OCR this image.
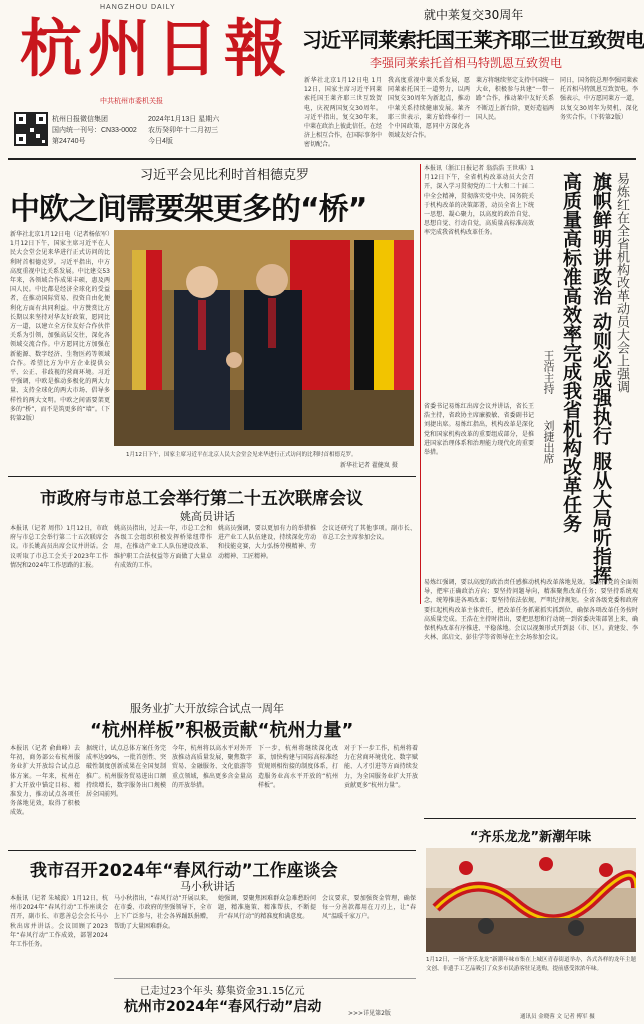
HANGZHOU DAILY
杭州日報
中共杭州市委机关报
杭州日报微信集团
国内统一刊号：CN33-0002
第24740号
2024年1月13日 星期六
农历癸卯年十二月初三
今日4版
就中莱复交30周年
习近平同莱索托国王莱齐耶三世互致贺电
李强同莱索托首相马特凯恩互致贺电
新华社北京1月12日电 1月12日，国家主席习近平同莱索托国王莱齐耶三世互致贺电，庆祝两国复交30周年。习近平指出，复交30年来，中莱在政治上彼此信任，在经济上相互合作，在国际事务中密切配合。
我高度重视中莱关系发展，愿同莱索托国王一道努力，以两国复交30周年为新起点，推动中莱关系持续健康发展。莱齐耶三世表示，莱方始终奉行一个中国政策，愿同中方深化各领域友好合作。
莱方将继续坚定支持中国统一大业，积极参与共建“一带一路”合作，推动莱中友好关系不断迈上新台阶，更好造福两国人民。
同日，国务院总理李强同莱索托首相马特凯恩互致贺电。李强表示，中方愿同莱方一道，以复交30周年为契机，深化务实合作。（下转第2版）
习近平会见比利时首相德克罗
中欧之间需要架更多的“桥”
新华社北京1月12日电（记者杨依军）1月12日下午，国家主席习近平在人民大会堂会见来华进行正式访问的比利时首相德克罗。习近平指出，中方高度重视中比关系发展。中比建交53年来，各领域合作成果丰硕，惠及两国人民。中比都是经济全球化的受益者，在推动国际贸易、投资自由化便利化方面有共同利益。中方赞赏比方长期以来坚持对华友好政策，愿同比方一道，以建立全方位友好合作伙伴关系为引领，加强高层交往，深化各领域交流合作。中方愿同比方加强在新能源、数字经济、生物医药等领域合作。希望比方为中方企业提供公平、公正、非歧视的营商环境。习近平强调，中欧是推动多极化的两大力量、支持全球化的两大市场、倡导多样性的两大文明。中欧之间需要架更多的“桥”，而不是筑更多的“墙”。（下转第2版）
1月12日下午，国家主席习近平在北京人民大会堂会见来华进行正式访问的比利时首相德克罗。
新华社记者 翟健岚 摄
易炼红在全省机构改革动员大会上强调
旗帜鲜明讲政治 动则必成强执行 服从大局听指挥
高质量高标准高效率完成我省机构改革任务
王浩主持
刘捷出席
本报讯（浙江日报记者 翁浩浩 王世琪）1月12日下午，全省机构改革动员大会召开，深入学习贯彻党的二十大和二十届二中全会精神，贯彻落实党中央、国务院关于机构改革的决策部署，动员全省上下统一思想、凝心聚力，以高度的政治自觉、思想自觉、行动自觉，高质量高标准高效率完成我省机构改革任务。
省委书记易炼红出席会议并讲话，省长王浩主持，省政协主席廉毅敏、省委副书记刘捷出席。易炼红指出，机构改革是深化党和国家机构改革的重要组成部分，是推进国家治理体系和治理能力现代化的重要举措。
易炼红强调，要以高度的政治责任感推动机构改革落地见效。要坚持党的全面领导，把牢正确政治方向；要坚持问题导向，精准聚焦改革任务；要坚持系统观念，统筹推进各项改革；要坚持依法依规，严明纪律规矩。全省各级党委和政府要扛起机构改革主体责任，把改革任务抓紧抓实抓到位，确保各项改革任务按时高质量完成。王浩在主持时指出，要把思想和行动统一到省委决策部署上来，确保机构改革有序推进、平稳落地。会议以视频形式开到县（市、区）。黄建发、李火林、邱启文、彭佳学等省领导在主会场参加会议。
市政府与市总工会举行第二十五次联席会议
姚高员讲话
本报讯（记者 周伟）1月12日，市政府与市总工会举行第二十五次联席会议。市长姚高员出席会议并讲话。会议听取了市总工会关于2023年工作情况和2024年工作思路的汇报。
姚高员指出，过去一年，市总工会和各级工会组织积极发挥桥梁纽带作用，在推动产业工人队伍建设改革、维护职工合法权益等方面做了大量卓有成效的工作。
姚高员强调，要以更加有力的举措推进产业工人队伍建设，持续深化劳动和技能竞赛，大力弘扬劳模精神、劳动精神、工匠精神。
会议还研究了其他事项。副市长、市总工会主席参加会议。
服务业扩大开放综合试点一周年
“杭州样板”积极贡献“杭州力量”
本报讯（记者 俞曲峰）去年初，商务部公布杭州服务业扩大开放综合试点总体方案。一年来，杭州在扩大开放中锚定目标、精准发力，推动试点各项任务落地见效，取得了积极成效。
据统计，试点总体方案任务完成率达99%，一批首创性、突破性制度创新成果在全国复制推广。杭州服务贸易进出口额持续增长，数字服务出口规模居全国前列。
今年，杭州将以高水平对外开放推动高质量发展，聚焦数字贸易、金融服务、文化旅游等重点领域，推出更多含金量高的开放举措。
下一步，杭州将继续深化改革，加快构建与国际高标准经贸规则相衔接的制度体系，打造服务业高水平开放的“杭州样板”。
对于下一步工作，杭州将着力在营商环境优化、数字赋能、人才引进等方面持续发力，为全国服务业扩大开放贡献更多“杭州力量”。
我市召开2024年“春风行动”工作座谈会
马小秋讲话
本报讯（记者 朱城波）1月12日，杭州市2024年“春风行动”工作座谈会召开，副市长、市慈善总会会长马小秋出席并讲话。会议回顾了2023年“春风行动”工作成效，部署2024年工作任务。
马小秋指出，“春风行动”开展以来，在市委、市政府的坚强领导下，全市上下广泛参与，社会各界踊跃捐赠，帮助了大量困难群众。
她强调，要聚焦困难群众急难愁盼问题，精准施策、精准帮扶，不断提升“春风行动”的精准度和满意度。
会议要求，要加强资金管理，确保每一分善款都用在刀刃上，让“春风”温暖千家万户。
已走过23个年头 募集资金31.15亿元
杭州市2024年“春风行动”启动	>>>详见第2版
“齐乐龙龙”新潮年味
1月12日，一场“齐乐龙龙”新潮年味市集在上城区青春街道举办，各式各样的龙年主题文创、非遗手工艺品吸引了众多市民游客驻足选购，提前感受浓浓年味。
通讯员 金晓蓉 文 记者 傅军 摄
